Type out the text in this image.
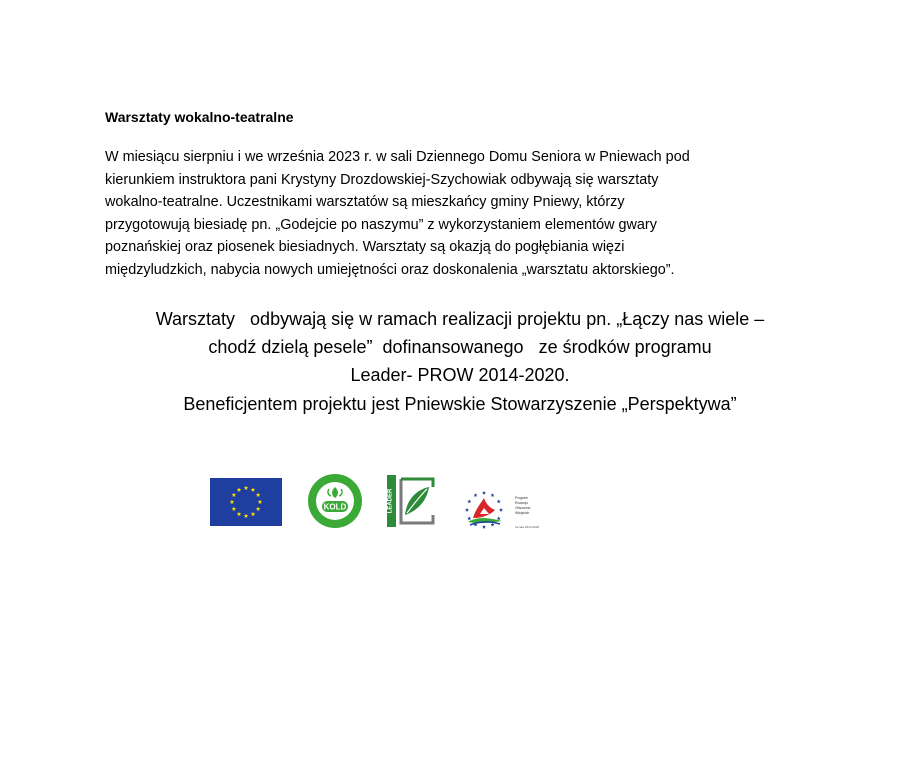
Warsztaty wokalno-teatralne
W miesiącu sierpniu i we września 2023 r. w sali Dziennego Domu Seniora w Pniewach pod
kierunkiem instruktora pani Krystyny Drozdowskiej-Szychowiak odbywają się warsztaty
wokalno-teatralne. Uczestnikami warsztatów są mieszkańcy gminy Pniewy, którzy
przygotowują biesiadę pn. „Godejcie po naszymu” z wykorzystaniem elementów gwary
poznańskiej oraz piosenek biesiadnych. Warsztaty są okazją do pogłębiania więzi
międzyludzkich, nabycia nowych umiejętności oraz doskonalenia „warsztatu aktorskiego”.
Warsztaty   odbywają się w ramach realizacji projektu pn. „Łączy nas wiele –
chodź dzielą pesele”  dofinansowanego   ze środków programu
Leader- PROW 2014-2020.
Beneficjentem projektu jest Pniewskie Stowarzyszenie „Perspektywa”
KOLD	LEADER	Program
Rozwoju
Obszarów
Wiejskich
na lata 2014-2020
